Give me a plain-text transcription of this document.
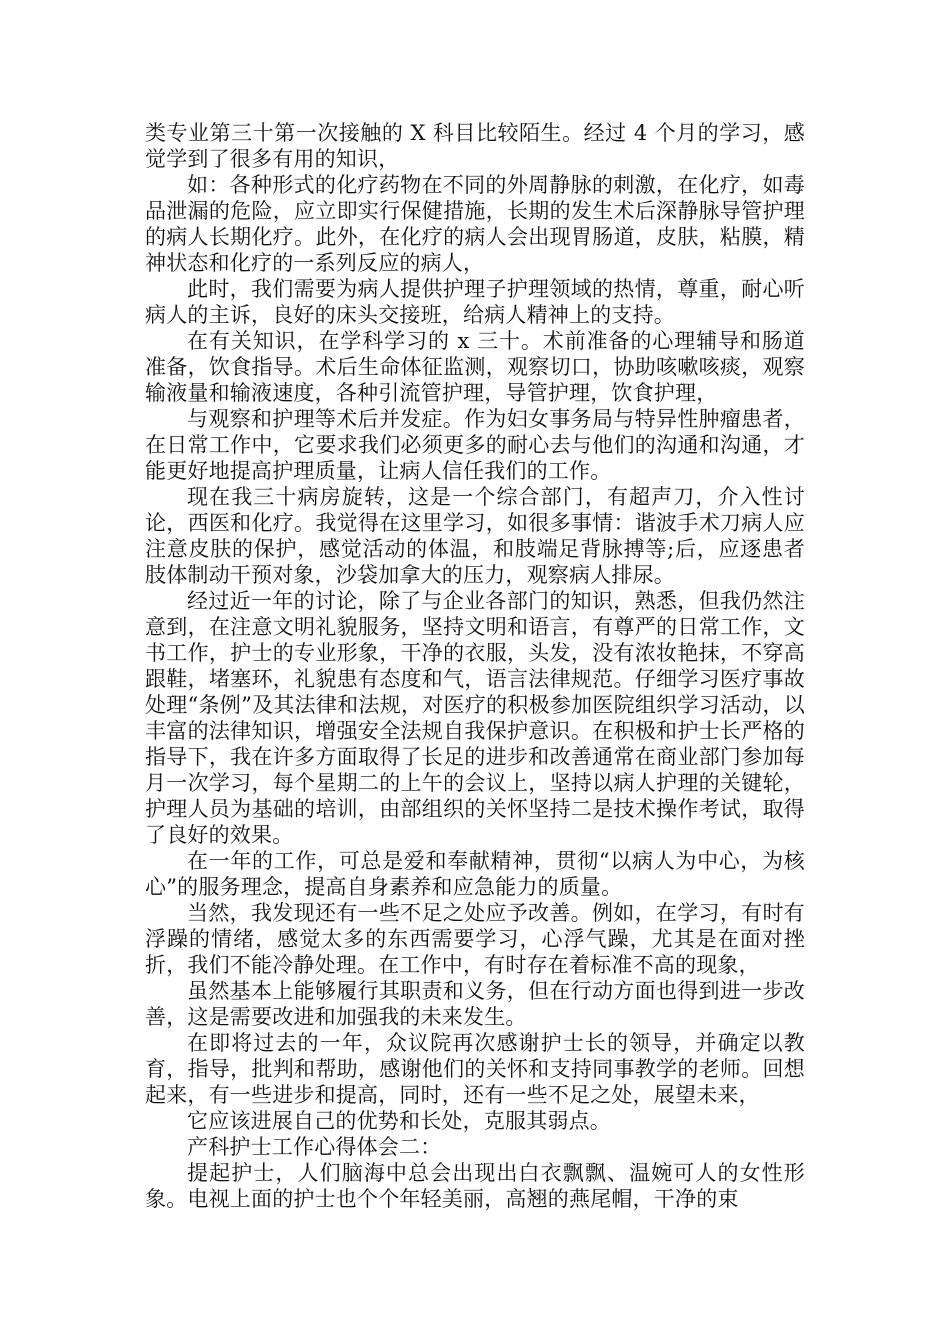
类专业第三十第一次接触的 X 科目比较陌生。经过 4 个月的学习，感觉学到了很多有用的知识，

如：各种形式的化疗药物在不同的外周静脉的刺激，在化疗，如毒品泄漏的危险，应立即实行保健措施，长期的发生术后深静脉导管护理的病人长期化疗。此外，在化疗的病人会出现胃肠道，皮肤，粘膜，精神状态和化疗的一系列反应的病人，

此时，我们需要为病人提供护理子护理领域的热情，尊重，耐心听病人的主诉，良好的床头交接班，给病人精神上的支持。

在有关知识，在学科学习的 x 三十。术前准备的心理辅导和肠道准备，饮食指导。术后生命体征监测，观察切口，协助咳嗽咳痰，观察输液量和输液速度，各种引流管护理，导管护理，饮食护理，

与观察和护理等术后并发症。作为妇女事务局与特异性肿瘤患者，在日常工作中，它要求我们必须更多的耐心去与他们的沟通和沟通，才能更好地提高护理质量，让病人信任我们的工作。

现在我三十病房旋转，这是一个综合部门，有超声刀，介入性讨论，西医和化疗。我觉得在这里学习，如很多事情：谐波手术刀病人应注意皮肤的保护，感觉活动的体温，和肢端足背脉搏等;后，应逐患者肢体制动干预对象，沙袋加拿大的压力，观察病人排尿。

经过近一年的讨论，除了与企业各部门的知识，熟悉，但我仍然注意到，在注意文明礼貌服务，坚持文明和语言，有尊严的日常工作，文书工作，护士的专业形象，干净的衣服，头发，没有浓妆艳抹，不穿高跟鞋，堵塞环，礼貌患有态度和气，语言法律规范。仔细学习医疗事故处理“条例”及其法律和法规，对医疗的积极参加医院组织学习活动，以丰富的法律知识，增强安全法规自我保护意识。在积极和护士长严格的指导下，我在许多方面取得了长足的进步和改善通常在商业部门参加每月一次学习，每个星期二的上午的会议上，坚持以病人护理的关键轮，护理人员为基础的培训，由部组织的关怀坚持二是技术操作考试，取得了良好的效果。

在一年的工作，可总是爱和奉献精神，贯彻“以病人为中心，为核心”的服务理念，提高自身素养和应急能力的质量。

当然，我发现还有一些不足之处应予改善。例如，在学习，有时有浮躁的情绪，感觉太多的东西需要学习，心浮气躁，尤其是在面对挫折，我们不能冷静处理。在工作中，有时存在着标准不高的现象，

虽然基本上能够履行其职责和义务，但在行动方面也得到进一步改善，这是需要改进和加强我的未来发生。

在即将过去的一年，众议院再次感谢护士长的领导，并确定以教育，指导，批判和帮助，感谢他们的关怀和支持同事教学的老师。回想起来，有一些进步和提高，同时，还有一些不足之处，展望未来，

它应该进展自己的优势和长处，克服其弱点。

产科护士工作心得体会二：

提起护士，人们脑海中总会出现出白衣飘飘、温婉可人的女性形象。电视上面的护士也个个年轻美丽，高翘的燕尾帽，干净的束
